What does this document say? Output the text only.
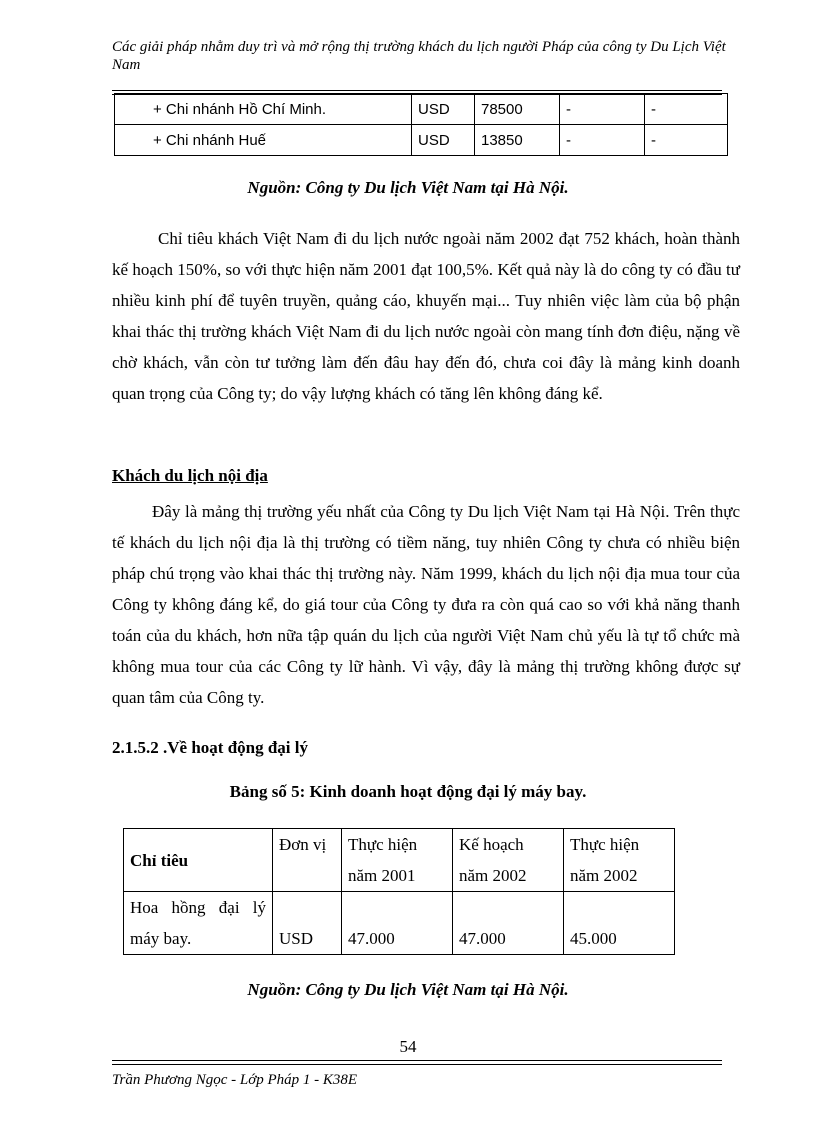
Các giải pháp nhằm duy trì và mở rộng thị trường khách du lịch người Pháp của công ty Du Lịch Việt Nam
+ Chi nhánh Hồ Chí Minh.	USD	78500	-	-
+ Chi nhánh Huế	USD	13850	-	-
Nguồn: Công ty Du lịch Việt Nam tại Hà Nội.

Chỉ tiêu khách Việt Nam đi du lịch nước ngoài năm 2002 đạt 752 khách, hoàn thành kế hoạch 150%, so với thực hiện năm 2001 đạt 100,5%. Kết quả này là do công ty có đầu tư nhiều kinh phí để tuyên truyền, quảng cáo, khuyến mại... Tuy nhiên việc làm của bộ phận khai thác thị trường khách Việt Nam đi du lịch nước ngoài còn mang tính đơn điệu, nặng về chờ khách, vẫn còn tư tưởng làm đến đâu hay đến đó, chưa coi đây là mảng kinh doanh quan trọng của Công ty; do vậy lượng khách có tăng lên không đáng kể.

Khách du lịch nội địa

Đây là mảng thị trường yếu nhất của Công ty Du lịch Việt Nam tại Hà Nội. Trên thực tế khách du lịch nội địa là thị trường có tiềm năng, tuy nhiên Công ty chưa có nhiều biện pháp chú trọng vào khai thác thị trường này. Năm 1999, khách du lịch nội địa mua tour của Công ty không đáng kể, do giá tour của Công ty đưa ra còn quá cao so với khả năng thanh toán của du khách, hơn nữa tập quán du lịch của người Việt Nam chủ yếu là tự tổ chức mà không mua tour của các Công ty lữ hành. Vì vậy, đây là mảng thị trường không được sự quan tâm của Công ty.

2.1.5.2 .Về hoạt động đại lý
Bảng số 5: Kinh doanh hoạt động đại lý máy bay.
Chỉ tiêu	Đơn vị	Thực hiện năm 2001	Kế hoạch năm 2002	Thực hiện năm 2002
Hoa hồng đại lý máy bay.	USD	47.000	47.000	45.000
Nguồn: Công ty Du lịch Việt Nam tại Hà Nội.
54
Trần Phương Ngọc - Lớp Pháp 1 - K38E
